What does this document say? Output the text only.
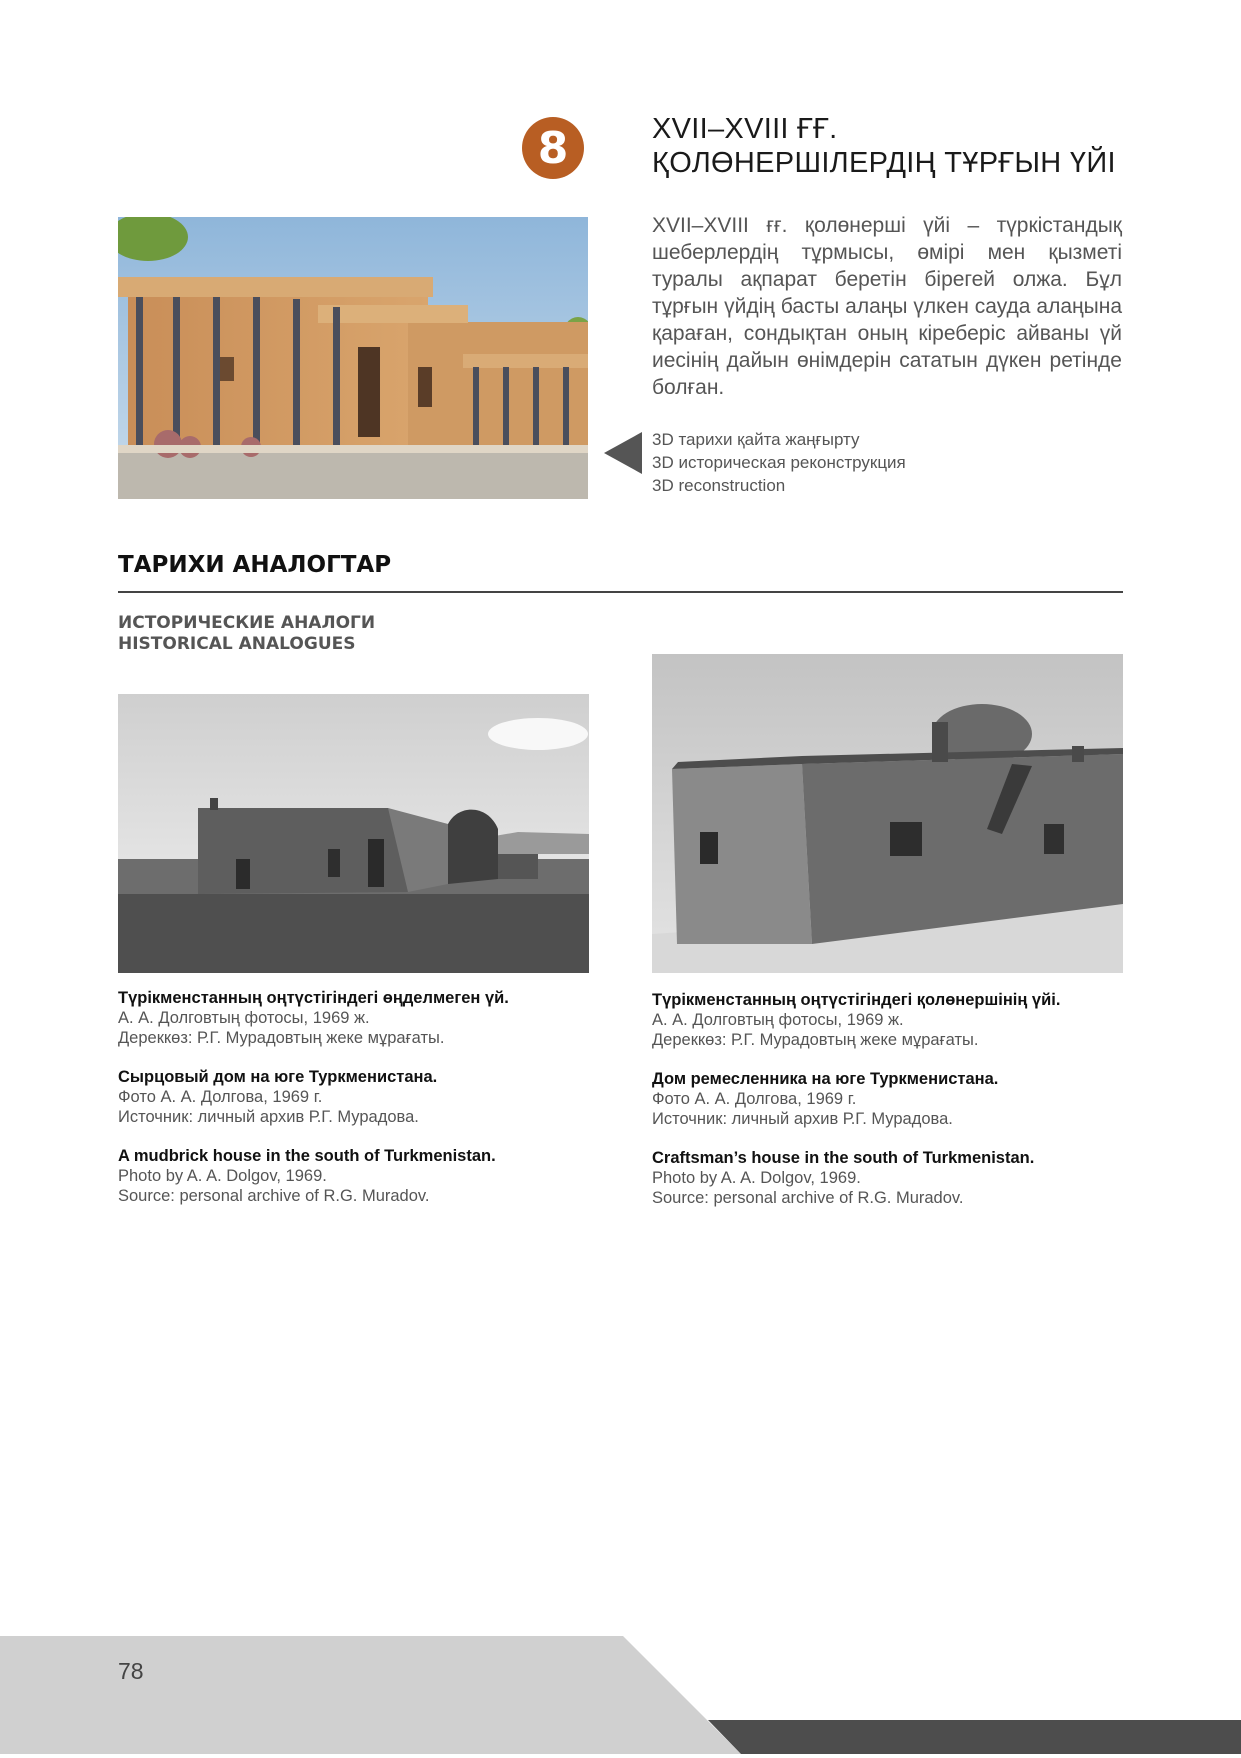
8	XVII–XVIII ҒҒ.
ҚОЛӨНЕРШІЛЕРДІҢ ТҰРҒЫН ҮЙІ
XVII–XVIII ғғ. қолөнерші үйі – түркістандық шеберлердің тұрмысы, өмірі мен қызметі туралы ақпарат беретін бірегей олжа. Бұл тұрғын үйдің басты алаңы үлкен сауда алаңына қараған, сондықтан оның кіреберіс айваны үй иесінің дайын өнімдерін сататын дүкен ретінде болған.
3D тарихи қайта жаңғырту
3D историческая реконструкция
3D reconstruction
ТАРИХИ АНАЛОГТАР
ИСТОРИЧЕСКИЕ АНАЛОГИ
HISTORICAL ANALOGUES
Түрікменстанның оңтүстігіндегі өңделмеген үй.
А. А. Долговтың фотосы, 1969 ж.
Дереккөз: Р.Г. Мурадовтың жеке мұрағаты.
Сырцовый дом на юге Туркменистана.
Фото А. А. Долгова, 1969 г.
Источник: личный архив Р.Г. Мурадова.
A mudbrick house in the south of Turkmenistan.
Photo by A. A. Dolgov, 1969.
Source: personal archive of R.G. Muradov.
Түрікменстанның оңтүстігіндегі қолөнершінің үйі.
А. А. Долговтың фотосы, 1969 ж.
Дереккөз: Р.Г. Мурадовтың жеке мұрағаты.
Дом ремесленника на юге Туркменистана.
Фото А. А. Долгова, 1969 г.
Источник: личный архив Р.Г. Мурадова.
Craftsman’s house in the south of Turkmenistan.
Photo by A. A. Dolgov, 1969.
Source: personal archive of R.G. Muradov.
78
